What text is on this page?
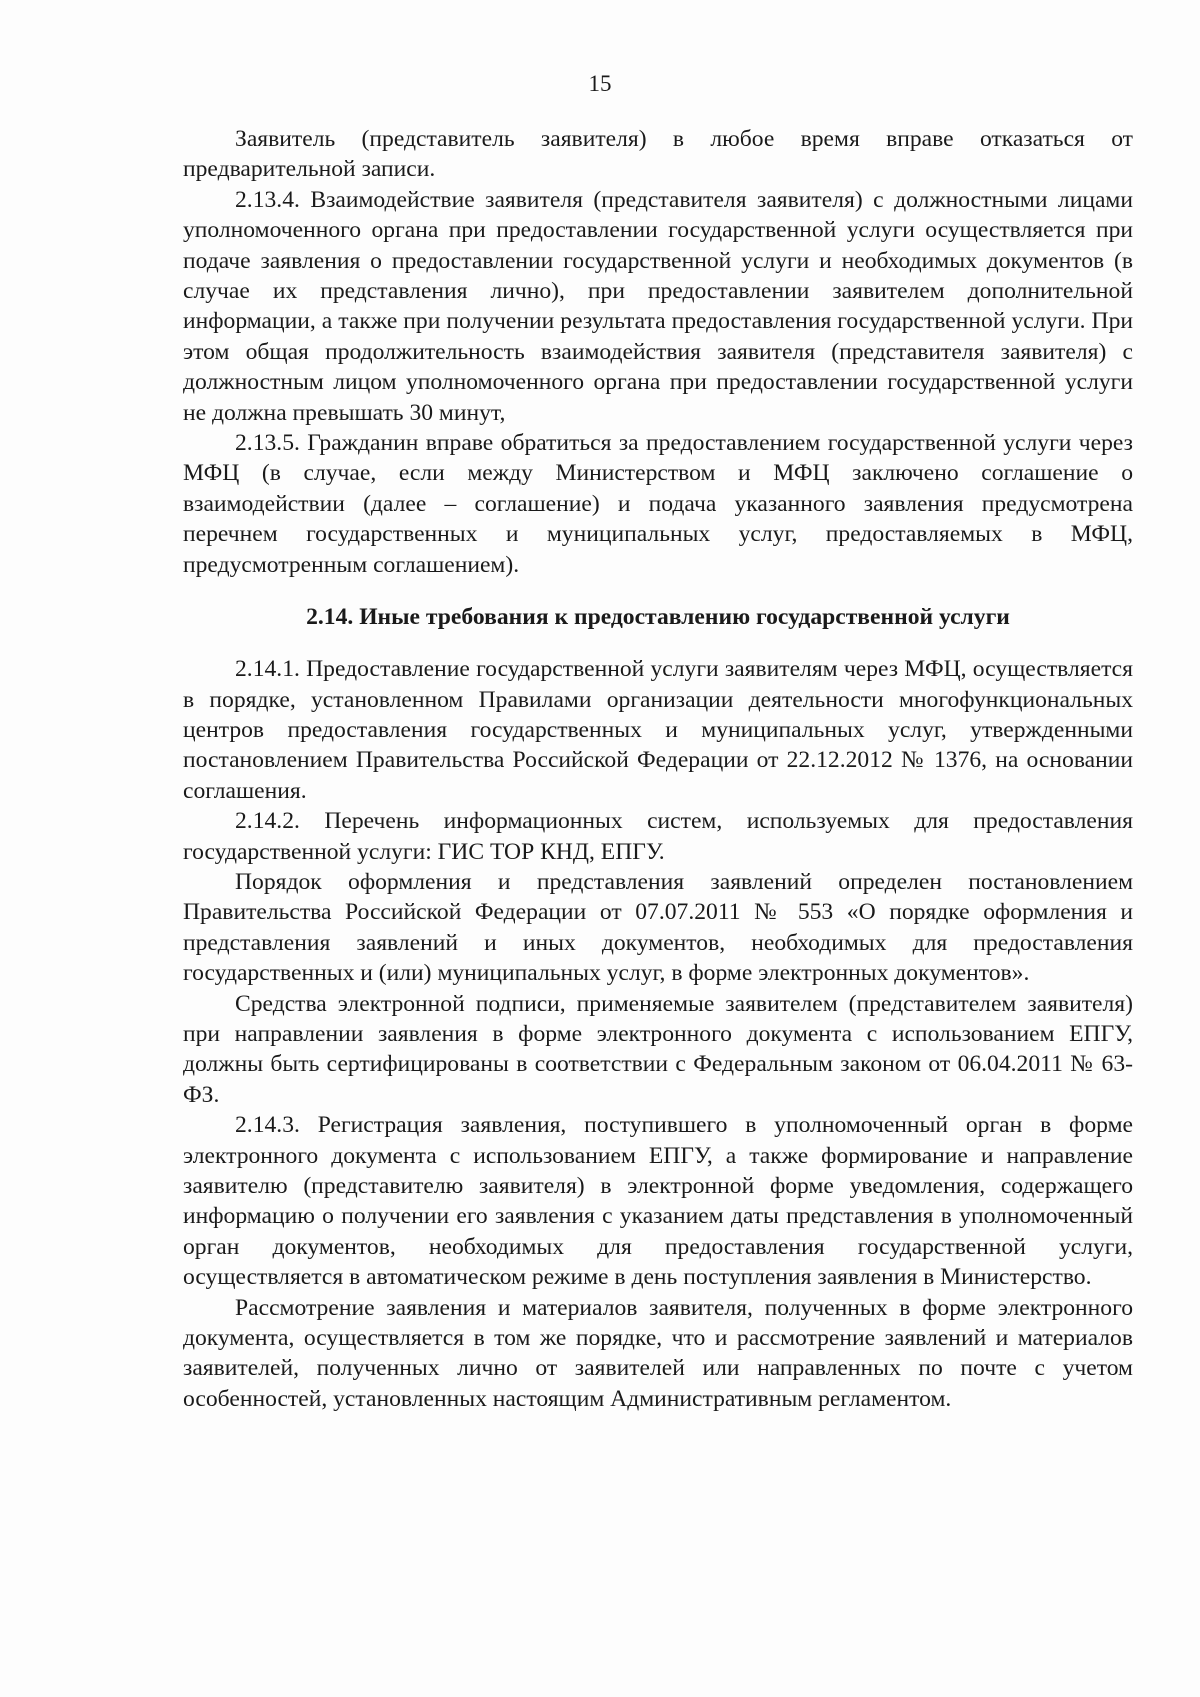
15

Заявитель (представитель заявителя) в любое время вправе отказаться от предварительной записи.

2.13.4. Взаимодействие заявителя (представителя заявителя) с должностными лицами уполномоченного органа при предоставлении государственной услуги осуществляется при подаче заявления о предоставлении государственной услуги и необходимых документов (в случае их представления лично), при предоставлении заявителем дополнительной информации, а также при получении результата предоставления государственной услуги. При этом общая продолжительность взаимодействия заявителя (представителя заявителя) с должностным лицом уполномоченного органа при предоставлении государственной услуги не должна превышать 30 минут,

2.13.5. Гражданин вправе обратиться за предоставлением государственной услуги через МФЦ (в случае, если между Министерством и МФЦ заключено соглашение о взаимодействии (далее – соглашение) и подача указанного заявления предусмотрена перечнем государственных и муниципальных услуг, предоставляемых в МФЦ, предусмотренным соглашением).

2.14. Иные требования к предоставлению государственной услуги

2.14.1. Предоставление государственной услуги заявителям через МФЦ, осуществляется в порядке, установленном Правилами организации деятельности многофункциональных центров предоставления государственных и муниципальных услуг, утвержденными постановлением Правительства Российской Федерации от 22.12.2012 № 1376, на основании соглашения.

2.14.2. Перечень информационных систем, используемых для предоставления государственной услуги: ГИС ТОР КНД, ЕПГУ.

Порядок оформления и представления заявлений определен постановлением Правительства Российской Федерации от 07.07.2011 № 553 «О порядке оформления и представления заявлений и иных документов, необходимых для предоставления государственных и (или) муниципальных услуг, в форме электронных документов».

Средства электронной подписи, применяемые заявителем (представителем заявителя) при направлении заявления в форме электронного документа с использованием ЕПГУ, должны быть сертифицированы в соответствии с Федеральным законом от 06.04.2011 № 63-ФЗ.

2.14.3. Регистрация заявления, поступившего в уполномоченный орган в форме электронного документа с использованием ЕПГУ, а также формирование и направление заявителю (представителю заявителя) в электронной форме уведомления, содержащего информацию о получении его заявления с указанием даты представления в уполномоченный орган документов, необходимых для предоставления государственной услуги, осуществляется в автоматическом режиме в день поступления заявления в Министерство.

Рассмотрение заявления и материалов заявителя, полученных в форме электронного документа, осуществляется в том же порядке, что и рассмотрение заявлений и материалов заявителей, полученных лично от заявителей или направленных по почте с учетом особенностей, установленных настоящим Административным регламентом.
